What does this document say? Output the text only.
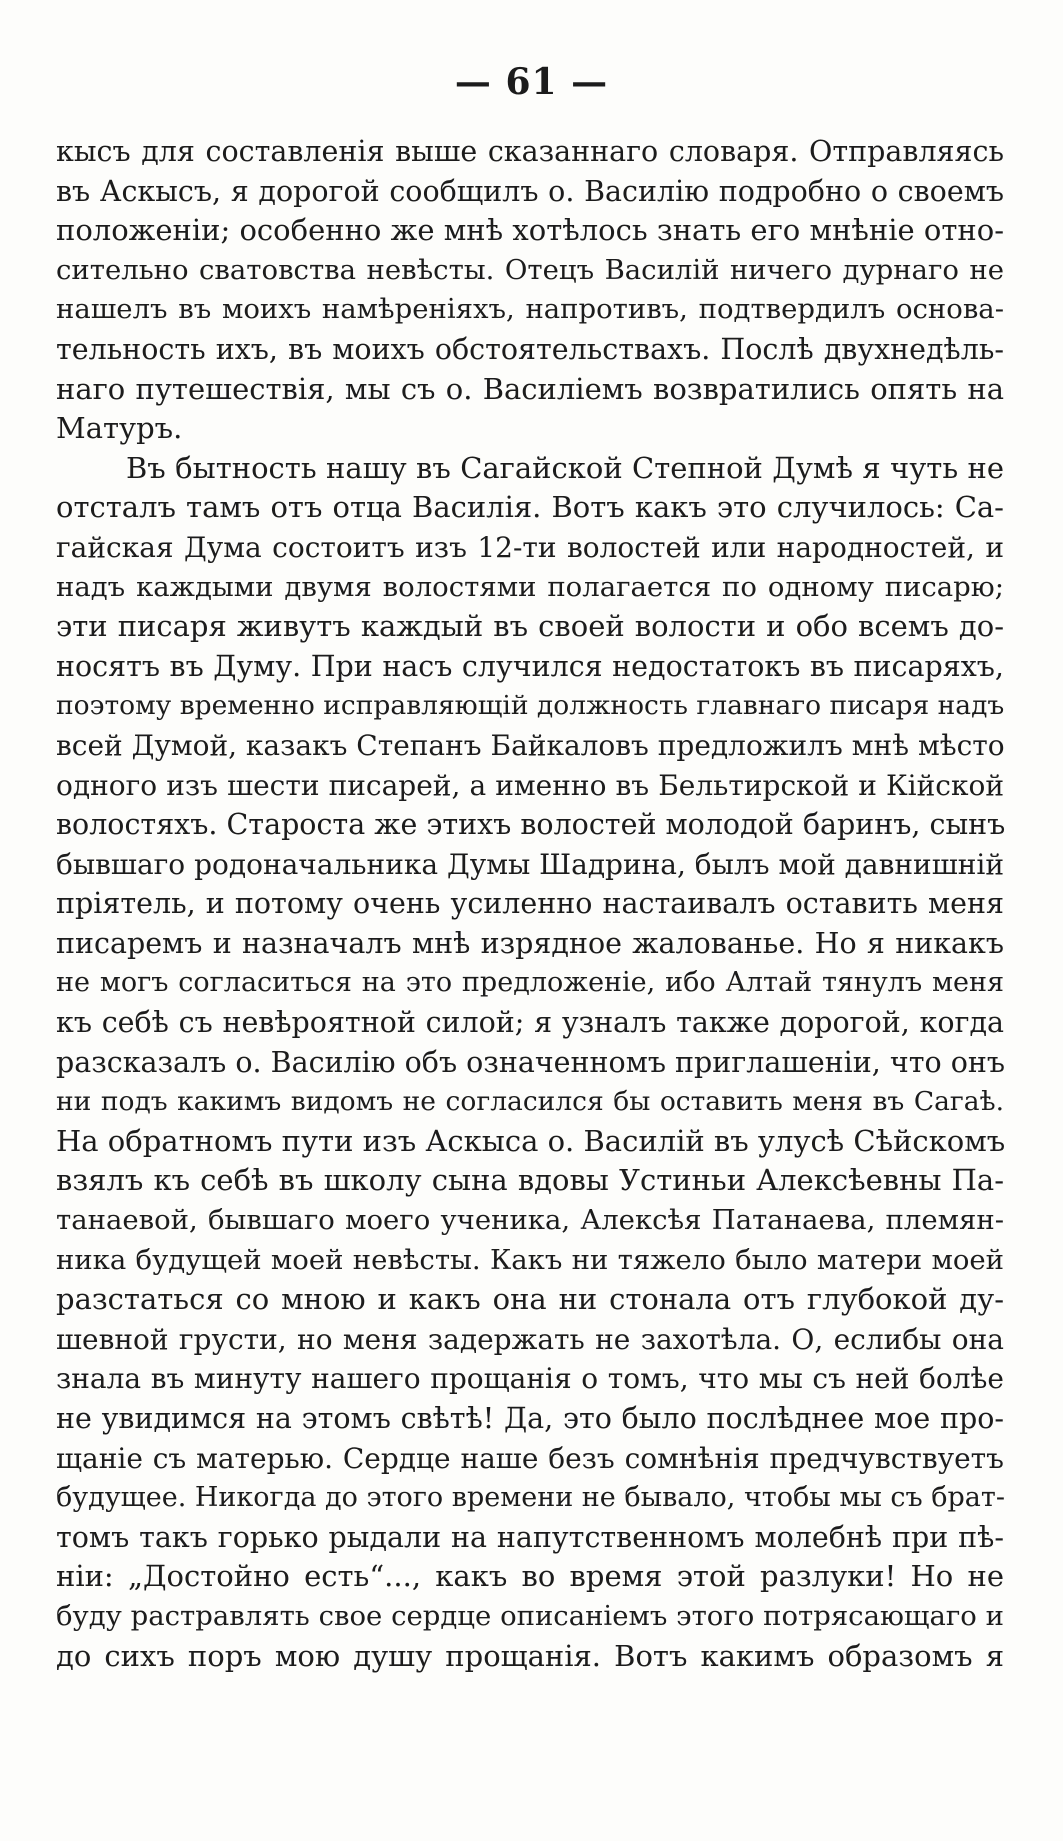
— 61 —
кыcъ для составленія выше сказаннаго словаря. Отправляясь
въ Аскысъ, я дорогой сообщилъ о. Василію подробно о своемъ
положеніи; особенно же мнѣ хотѣлось знать его мнѣніе отно-
сительно сватовства невѣсты. Отецъ Василій ничего дурнаго не
нашелъ въ моихъ намѣреніяхъ, напротивъ, подтвердилъ основа-
тельность ихъ, въ моихъ обстоятельствахъ. Послѣ двухнедѣль-
наго путешествія, мы съ о. Василіемъ возвратились опять на
Матуръ.
Въ бытность нашу въ Сагайской Степной Думѣ я чуть не
отсталъ тамъ отъ отца Василія. Вотъ какъ это случилось: Са-
гайская Дума состоитъ изъ 12-ти волостей или народностей, и
надъ каждыми двумя волостями полагается по одному писарю;
эти писаря живутъ каждый въ своей волости и обо всемъ до-
носятъ въ Думу. При насъ случился недостатокъ въ писаряхъ,
поэтому временно исправляющій должность главнаго писаря надъ
всей Думой, казакъ Степанъ Байкаловъ предложилъ мнѣ мѣсто
одного изъ шести писарей, а именно въ Бельтирской и Кійской
волостяхъ. Староста же этихъ волостей молодой баринъ, сынъ
бывшаго родоначальника Думы Шадрина, былъ мой давнишній
пріятель, и потому очень усиленно настаивалъ оставить меня
писаремъ и назначалъ мнѣ изрядное жалованье. Но я никакъ
не могъ согласиться на это предложеніе, ибо Алтай тянулъ меня
къ себѣ съ невѣроятной силой; я узналъ также дорогой, когда
разсказалъ о. Василію объ означенномъ приглашеніи, что онъ
ни подъ какимъ видомъ не согласился бы оставить меня въ Сагаѣ.
На обратномъ пути изъ Аскыса о. Василій въ улусѣ Сѣйскомъ
взялъ къ себѣ въ школу сына вдовы Устиньи Алексѣевны Па-
танаевой, бывшаго моего ученика, Алексѣя Патанаева, племян-
ника будущей моей невѣсты. Какъ ни тяжело было матери моей
разстаться со мною и какъ она ни стонала отъ глубокой ду-
шевной грусти, но меня задержать не захотѣла. О, еслибы она
знала въ минуту нашего прощанія о томъ, что мы съ ней болѣе
не увидимся на этомъ свѣтѣ! Да, это было послѣднее мое про-
щаніе съ матерью. Сердце наше безъ сомнѣнія предчувствуетъ
будущее. Никогда до этого времени не бывало, чтобы мы съ брат-
томъ такъ горько рыдали на напутственномъ молебнѣ при пѣ-
ніи: „Достойно есть“..., какъ во время этой разлуки! Но не
буду растравлять свое сердце описаніемъ этого потрясающаго и
до сихъ поръ мою душу прощанія. Вотъ какимъ образомъ я
